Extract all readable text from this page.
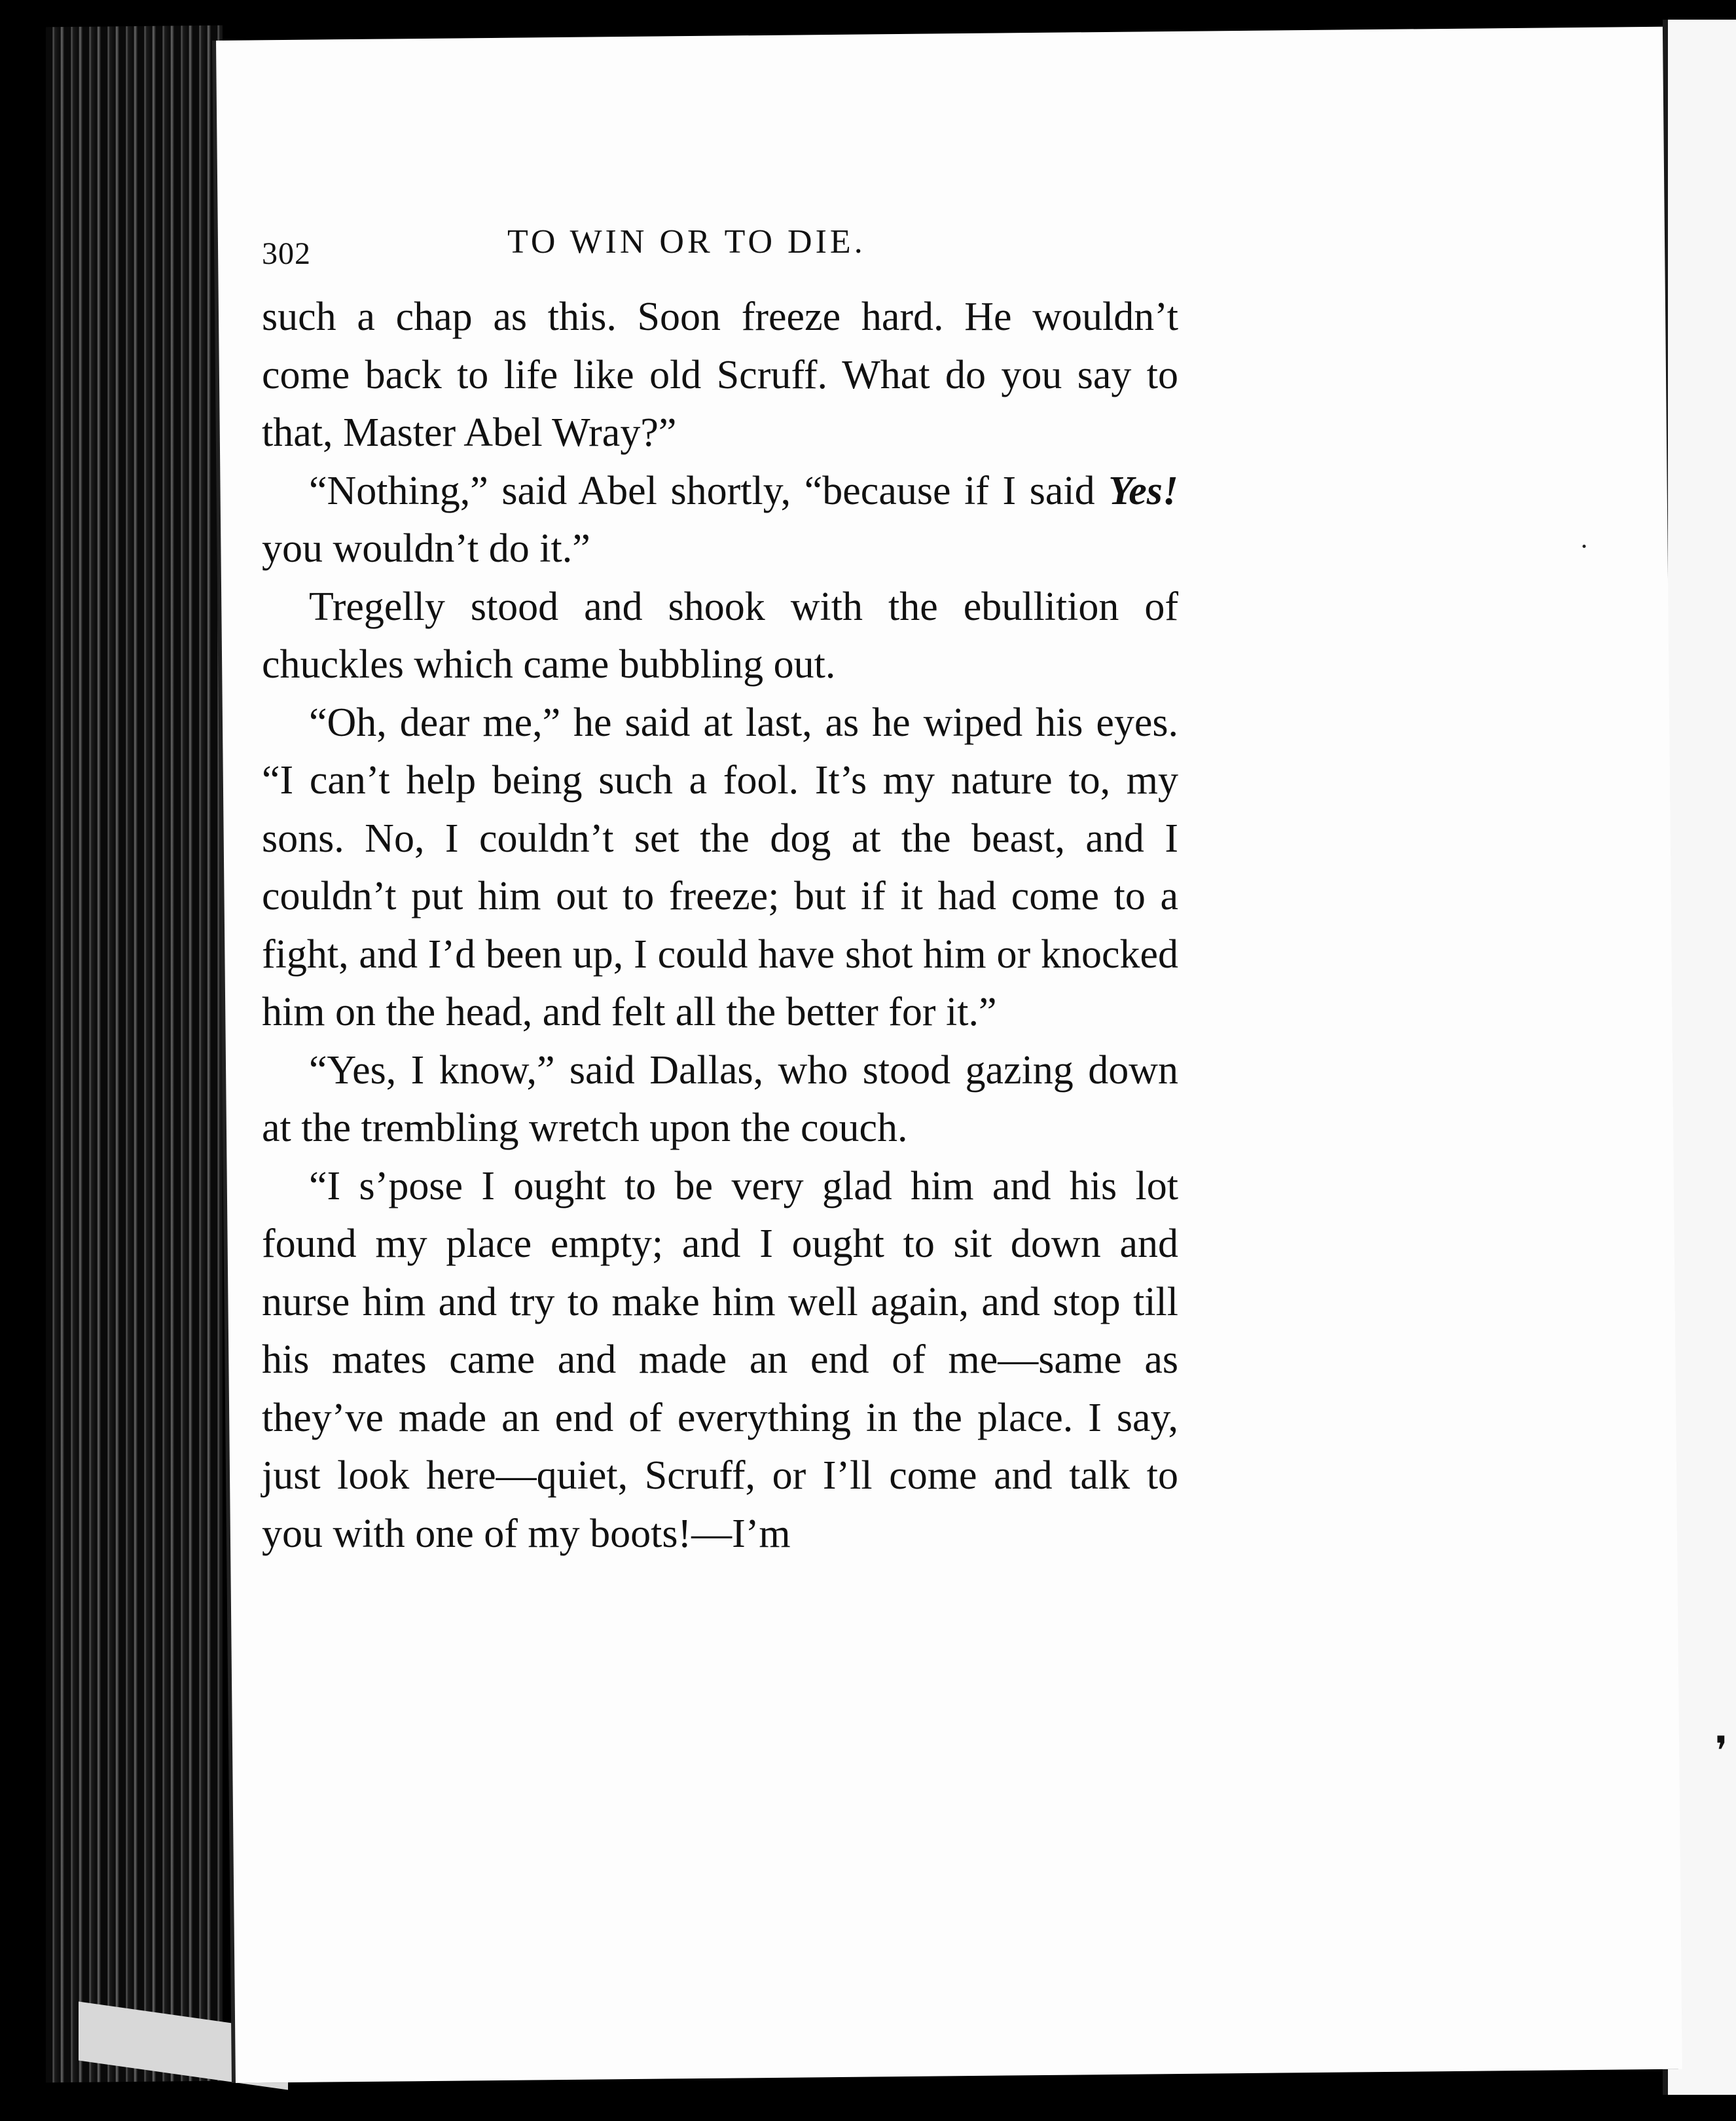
❜
302	TO WIN OR TO DIE.

such a chap as this. Soon freeze hard. He wouldn’t come back to life like old Scruff. What do you say to that, Master Abel Wray?”

“Nothing,” said Abel shortly, “because if I said Yes! you wouldn’t do it.”

Tregelly stood and shook with the ebullition of chuckles which came bubbling out.

“Oh, dear me,” he said at last, as he wiped his eyes. “I can’t help being such a fool. It’s my nature to, my sons. No, I couldn’t set the dog at the beast, and I couldn’t put him out to freeze; but if it had come to a fight, and I’d been up, I could have shot him or knocked him on the head, and felt all the better for it.”

“Yes, I know,” said Dallas, who stood gazing down at the trembling wretch upon the couch.

“I s’pose I ought to be very glad him and his lot found my place empty; and I ought to sit down and nurse him and try to make him well again, and stop till his mates came and made an end of me—same as they’ve made an end of everything in the place. I say, just look here—quiet, Scruff, or I’ll come and talk to you with one of my boots!—I’m
